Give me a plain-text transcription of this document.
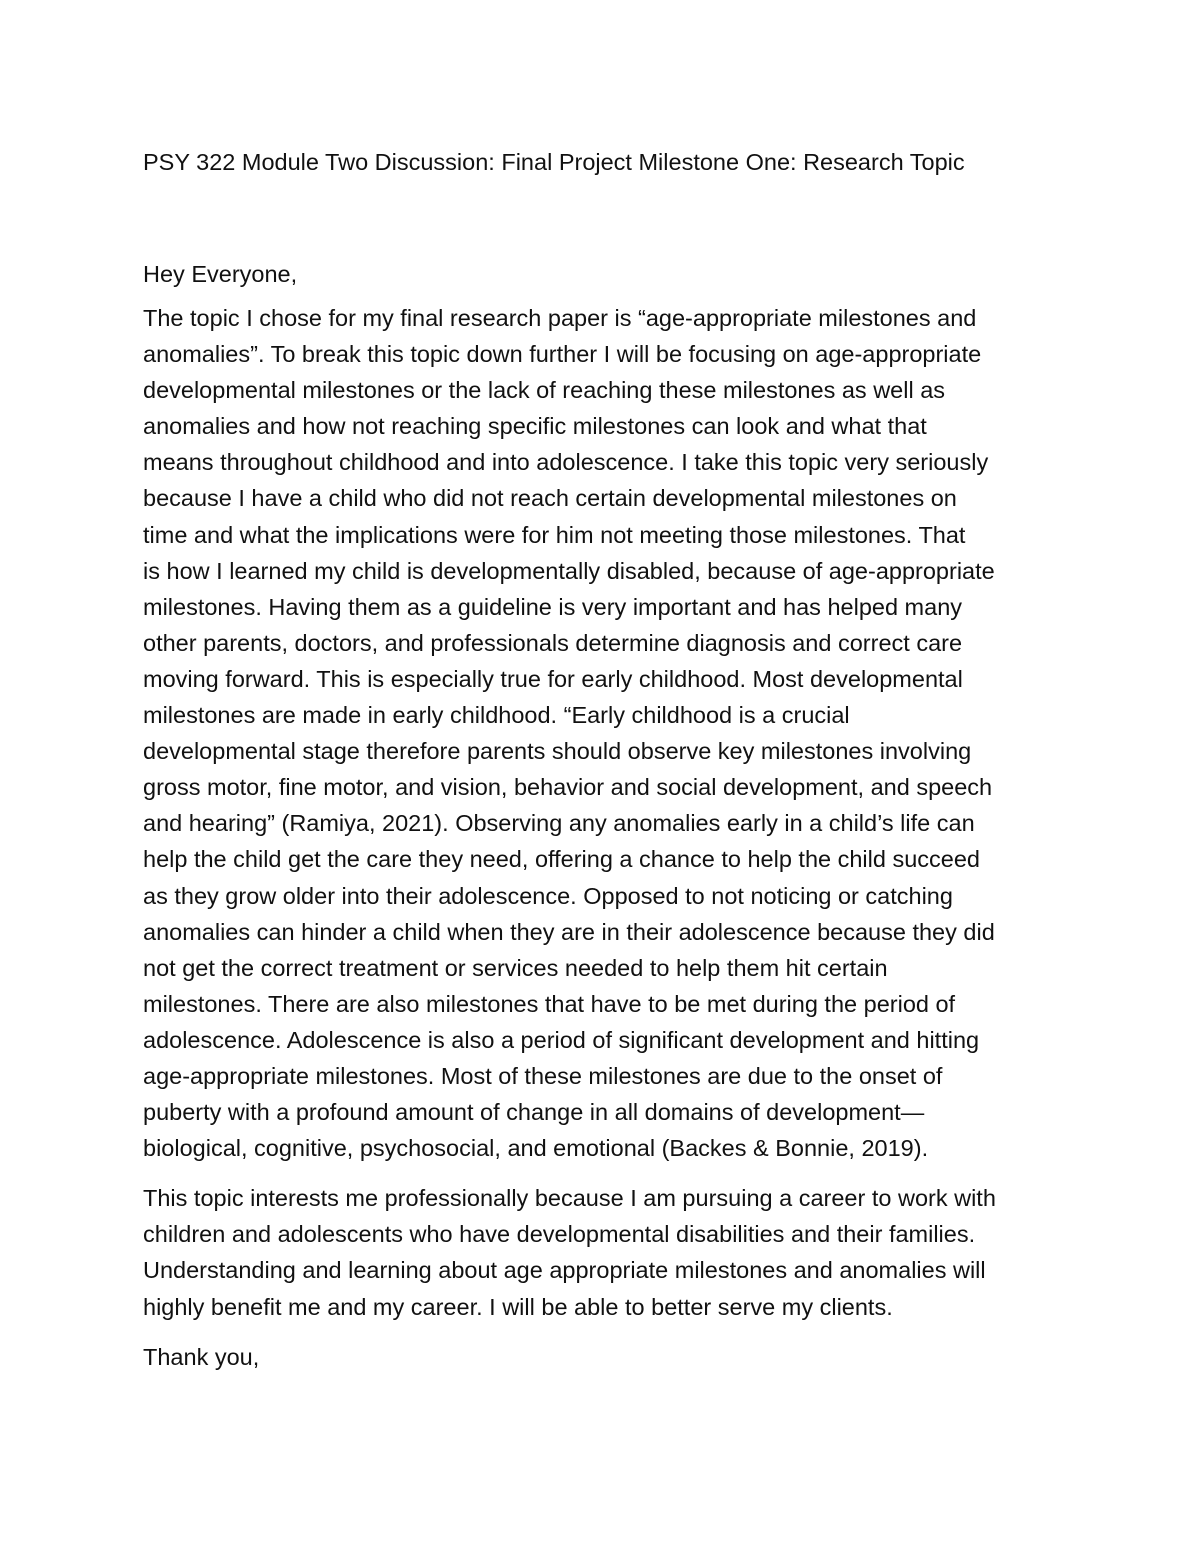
PSY 322 Module Two Discussion: Final Project Milestone One: Research Topic

Hey Everyone,

The topic I chose for my final research paper is “age-appropriate milestones and
anomalies”. To break this topic down further I will be focusing on age-appropriate
developmental milestones or the lack of reaching these milestones as well as
anomalies and how not reaching specific milestones can look and what that
means throughout childhood and into adolescence. I take this topic very seriously
because I have a child who did not reach certain developmental milestones on
time and what the implications were for him not meeting those milestones. That
is how I learned my child is developmentally disabled, because of age-appropriate
milestones. Having them as a guideline is very important and has helped many
other parents, doctors, and professionals determine diagnosis and correct care
moving forward. This is especially true for early childhood. Most developmental
milestones are made in early childhood. “Early childhood is a crucial
developmental stage therefore parents should observe key milestones involving
gross motor, fine motor, and vision, behavior and social development, and speech
and hearing” (Ramiya, 2021). Observing any anomalies early in a child’s life can
help the child get the care they need, offering a chance to help the child succeed
as they grow older into their adolescence. Opposed to not noticing or catching
anomalies can hinder a child when they are in their adolescence because they did
not get the correct treatment or services needed to help them hit certain
milestones. There are also milestones that have to be met during the period of
adolescence. Adolescence is also a period of significant development and hitting
age-appropriate milestones. Most of these milestones are due to the onset of
puberty with a profound amount of change in all domains of development—
biological, cognitive, psychosocial, and emotional (Backes & Bonnie, 2019).

This topic interests me professionally because I am pursuing a career to work with
children and adolescents who have developmental disabilities and their families.
Understanding and learning about age appropriate milestones and anomalies will
highly benefit me and my career. I will be able to better serve my clients.

Thank you,
